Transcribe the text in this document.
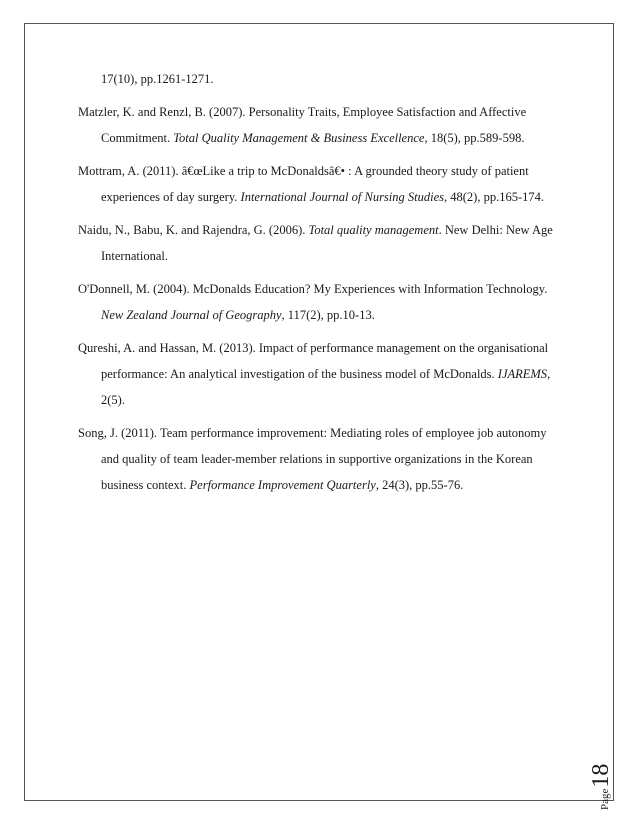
17(10), pp.1261-1271.
Matzler, K. and Renzl, B. (2007). Personality Traits, Employee Satisfaction and Affective
Commitment. Total Quality Management & Business Excellence, 18(5), pp.589-598.
Mottram, A. (2011). â€œLike a trip to McDonaldsâ€• : A grounded theory study of patient
experiences of day surgery. International Journal of Nursing Studies, 48(2), pp.165-174.
Naidu, N., Babu, K. and Rajendra, G. (2006). Total quality management. New Delhi: New Age
International.
O'Donnell, M. (2004). McDonalds Education? My Experiences with Information Technology.
New Zealand Journal of Geography, 117(2), pp.10-13.
Qureshi, A. and Hassan, M. (2013). Impact of performance management on the organisational
performance: An analytical investigation of the business model of McDonalds. IJAREMS,
2(5).
Song, J. (2011). Team performance improvement: Mediating roles of employee job autonomy
and quality of team leader-member relations in supportive organizations in the Korean
business context. Performance Improvement Quarterly, 24(3), pp.55-76.
Page
18
